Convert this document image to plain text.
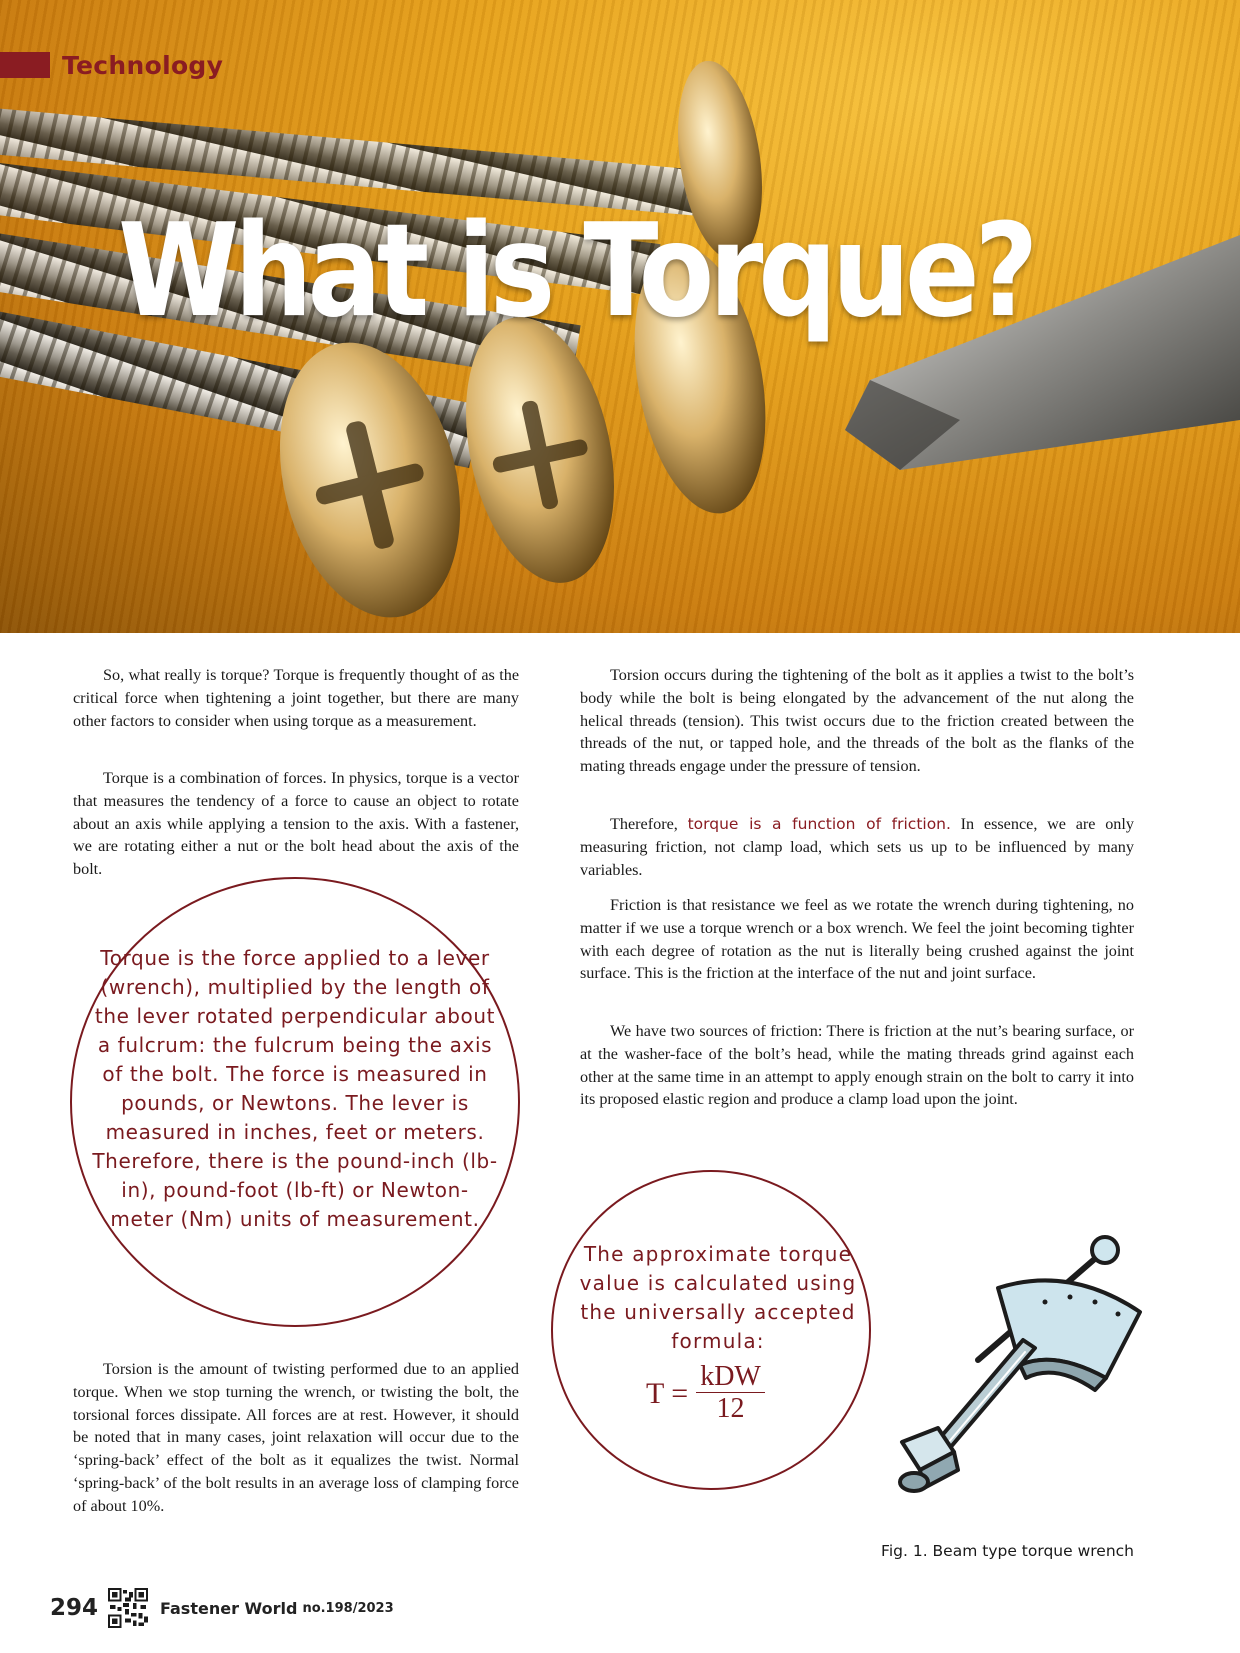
Technology
What is Torque?

So, what really is torque? Torque is frequently thought of as the critical force when tightening a joint together, but there are many other factors to consider when using torque as a measurement.

Torque is a combination of forces. In physics, torque is a vector that measures the tendency of a force to cause an object to rotate about an axis while applying a tension to the axis. With a fastener, we are rotating either a nut or the bolt head about the axis of the bolt.

Torque is the force applied to a lever (wrench), multiplied by the length of the lever rotated perpendicular about a fulcrum: the fulcrum being the axis of the bolt. The force is measured in pounds, or Newtons. The lever is measured in inches, feet or meters. Therefore, there is the pound-inch (lb-in), pound-foot (lb-ft) or Newton-meter (Nm) units of measurement.

Torsion is the amount of twisting performed due to an applied torque. When we stop turning the wrench, or twisting the bolt, the torsional forces dissipate. All forces are at rest. However, it should be noted that in many cases, joint relaxation will occur due to the ‘spring-back’ effect of the bolt as it equalizes the twist. Normal ‘spring-back’ of the bolt results in an average loss of clamping force of about 10%.

Torsion occurs during the tightening of the bolt as it applies a twist to the bolt’s body while the bolt is being elongated by the advancement of the nut along the helical threads (tension). This twist occurs due to the friction created between the threads of the nut, or tapped hole, and the threads of the bolt as the flanks of the mating threads engage under the pressure of tension.

Therefore, torque is a function of friction. In essence, we are only measuring friction, not clamp load, which sets us up to be influenced by many variables.

Friction is that resistance we feel as we rotate the wrench during tightening, no matter if we use a torque wrench or a box wrench. We feel the joint becoming tighter with each degree of rotation as the nut is literally being crushed against the joint surface. This is the friction at the interface of the nut and joint surface.

We have two sources of friction: There is friction at the nut’s bearing surface, or at the washer-face of the bolt’s head, while the mating threads grind against each other at the same time in an attempt to apply enough strain on the bolt to carry it into its proposed elastic region and produce a clamp load upon the joint.

The approximate torque value is calculated using the universally accepted formula:

$T = \frac{\text{kDW}}{12}$

Fig. 1. Beam type torque wrench

294	Fastener World no.198/2023
